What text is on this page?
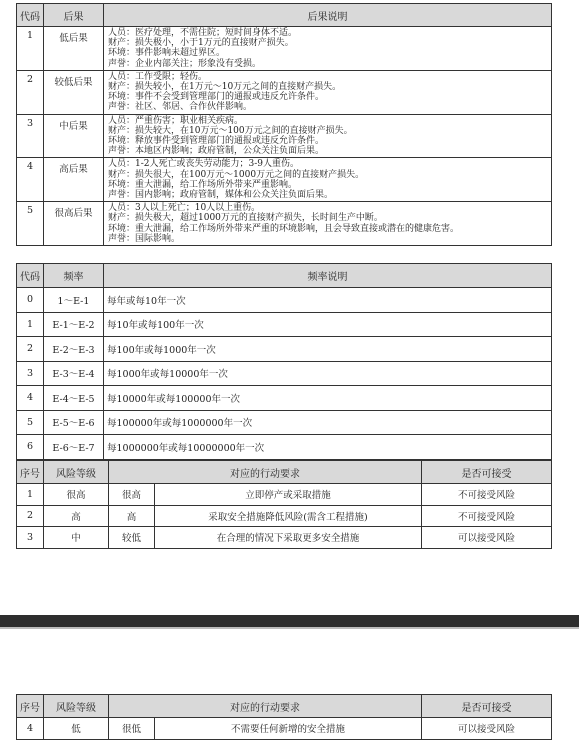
代码	后果	后果说明
1	低后果	人员：医疗处理，不需住院；短时间身体不适。
财产：损失极小，小于1万元的直接财产损失。
环境：事件影响未超过界区。
声誉：企业内部关注；形象没有受损。

2	较低后果	人员：工作受限；轻伤。
财产：损失较小，在1万元～10万元之间的直接财产损失。
环境：事件不会受到管理部门的通报或违反允许条件。
声誉：社区、邻居、合作伙伴影响。

3	中后果	人员：严重伤害；职业相关疾病。
财产：损失较大，在10万元～100万元之间的直接财产损失。
环境：释放事件受到管理部门的通报或违反允许条件。
声誉：本地区内影响；政府管制，公众关注负面后果。

4	高后果	人员：1-2人死亡或丧失劳动能力；3-9人重伤。
财产：损失很大，在100万元～1000万元之间的直接财产损失。
环境：重大泄漏，给工作场所外带来严重影响。
声誉：国内影响；政府管制，媒体和公众关注负面后果。

5	很高后果	人员：3人以上死亡；10人以上重伤。
财产：损失极大，超过1000万元的直接财产损失，长时间生产中断。
环境：重大泄漏，给工作场所外带来严重的环境影响，且会导致直接或潜在的健康危害。
声誉：国际影响。
代码	频率	频率说明
0	1～E-1	每年或每10年一次
1	E-1～E-2	每10年或每100年一次
2	E-2～E-3	每100年或每1000年一次
3	E-3～E-4	每1000年或每10000年一次
4	E-4～E-5	每10000年或每100000年一次
5	E-5～E-6	每100000年或每1000000年一次
6	E-6～E-7	每1000000年或每10000000年一次
序号	风险等级	对应的行动要求		是否可接受
1	很高	很高	立即停产或采取措施	不可接受风险
2	高	高	采取安全措施降低风险(需含工程措施)	不可接受风险
3	中	较低	在合理的情况下采取更多安全措施	可以接受风险
序号	风险等级	对应的行动要求		是否可接受
4	低	很低	不需要任何新增的安全措施	可以接受风险
